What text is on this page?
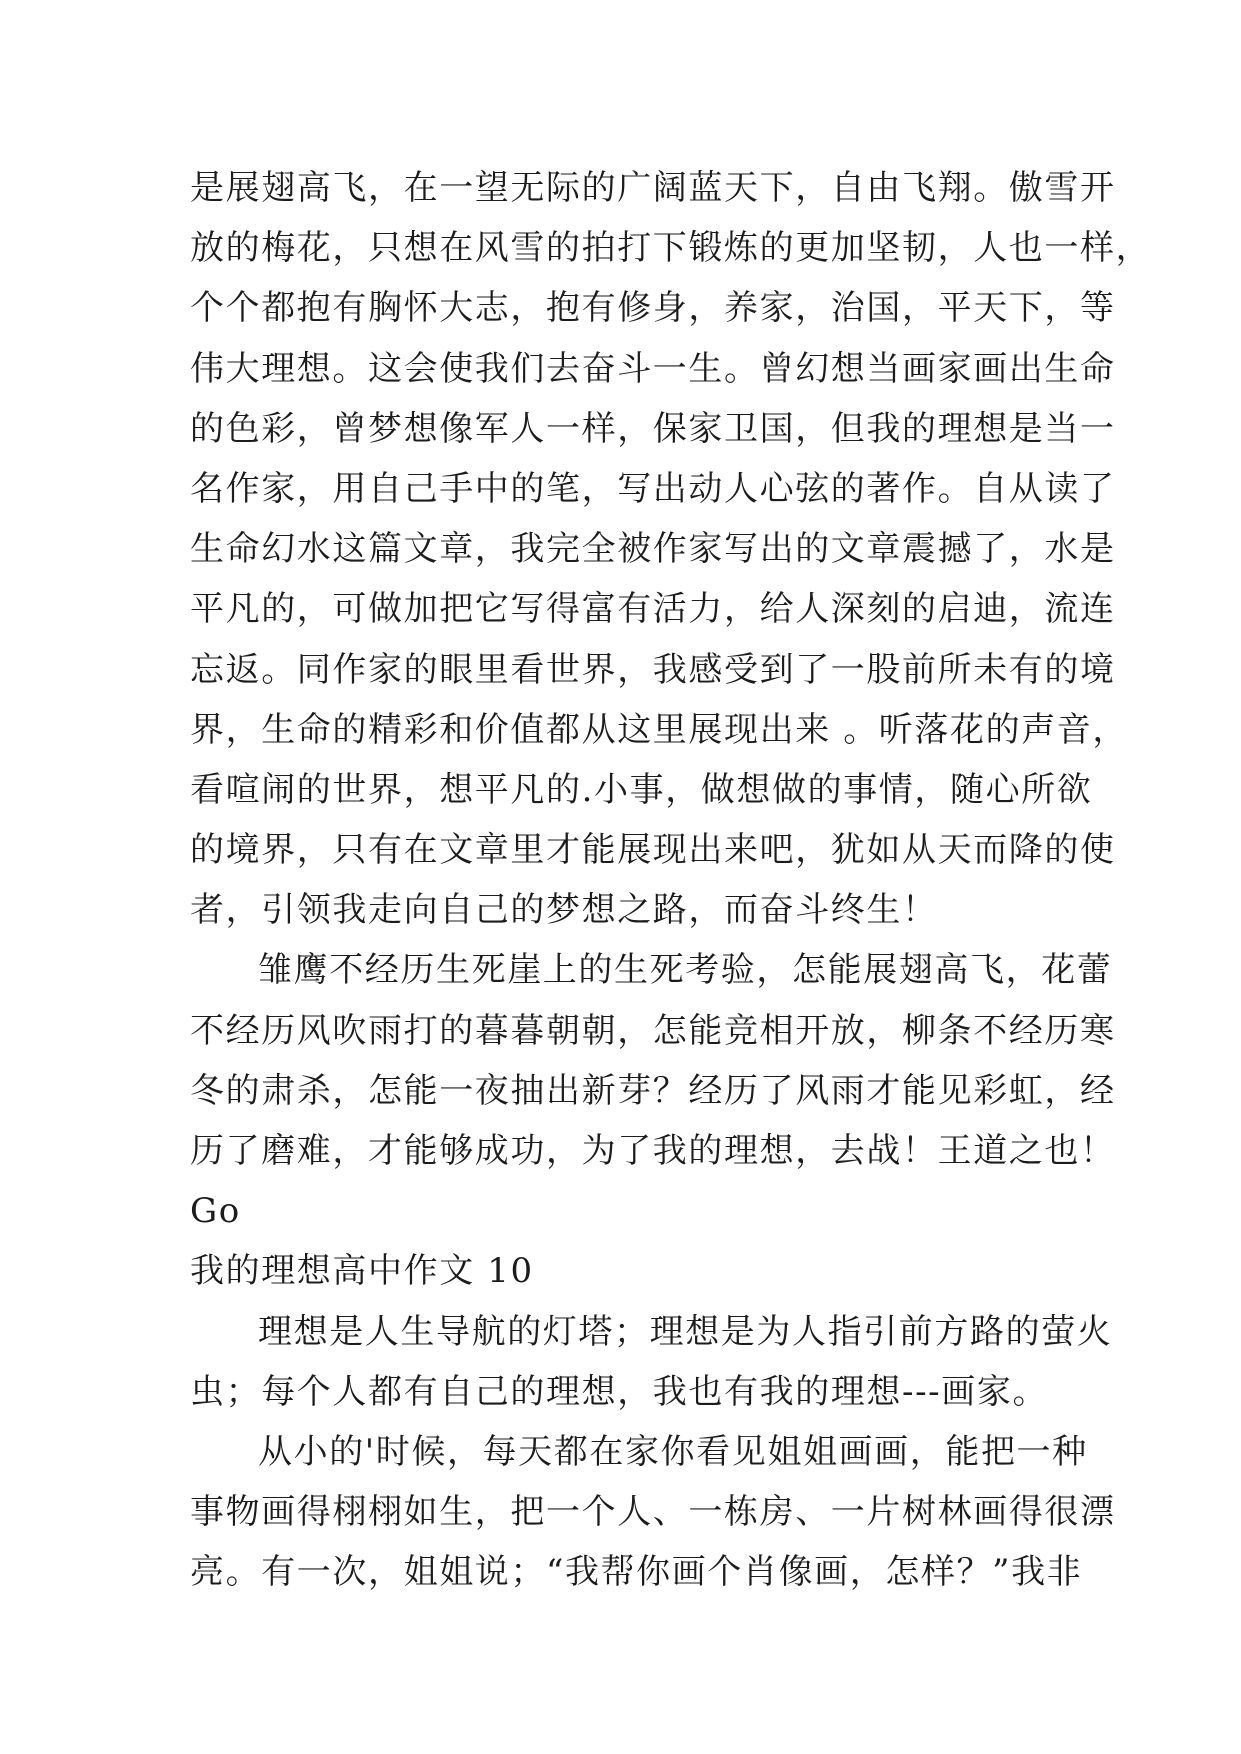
是展翅高飞，在一望无际的广阔蓝天下，自由飞翔。傲雪开
放的梅花，只想在风雪的拍打下锻炼的更加坚韧，人也一样，
个个都抱有胸怀大志，抱有修身，养家，治国，平天下，等
伟大理想。这会使我们去奋斗一生。曾幻想当画家画出生命
的色彩，曾梦想像军人一样，保家卫国，但我的理想是当一
名作家，用自己手中的笔，写出动人心弦的著作。自从读了
生命幻水这篇文章，我完全被作家写出的文章震撼了，水是
平凡的，可做加把它写得富有活力，给人深刻的启迪，流连
忘返。同作家的眼里看世界，我感受到了一股前所未有的境
界，生命的精彩和价值都从这里展现出来 。听落花的声音，
看喧闹的世界，想平凡的.小事，做想做的事情，随心所欲
的境界，只有在文章里才能展现出来吧，犹如从天而降的使
者，引领我走向自己的梦想之路，而奋斗终生！
雏鹰不经历生死崖上的生死考验，怎能展翅高飞，花蕾
不经历风吹雨打的暮暮朝朝，怎能竞相开放，柳条不经历寒
冬的肃杀，怎能一夜抽出新芽？经历了风雨才能见彩虹，经
历了磨难，才能够成功，为了我的理想，去战！王道之也！
Go
我的理想高中作文 10
理想是人生导航的灯塔；理想是为人指引前方路的萤火
虫；每个人都有自己的理想，我也有我的理想---画家。
从小的'时候，每天都在家你看见姐姐画画，能把一种
事物画得栩栩如生，把一个人、一栋房、一片树林画得很漂
亮。有一次，姐姐说；“我帮你画个肖像画，怎样？”我非
